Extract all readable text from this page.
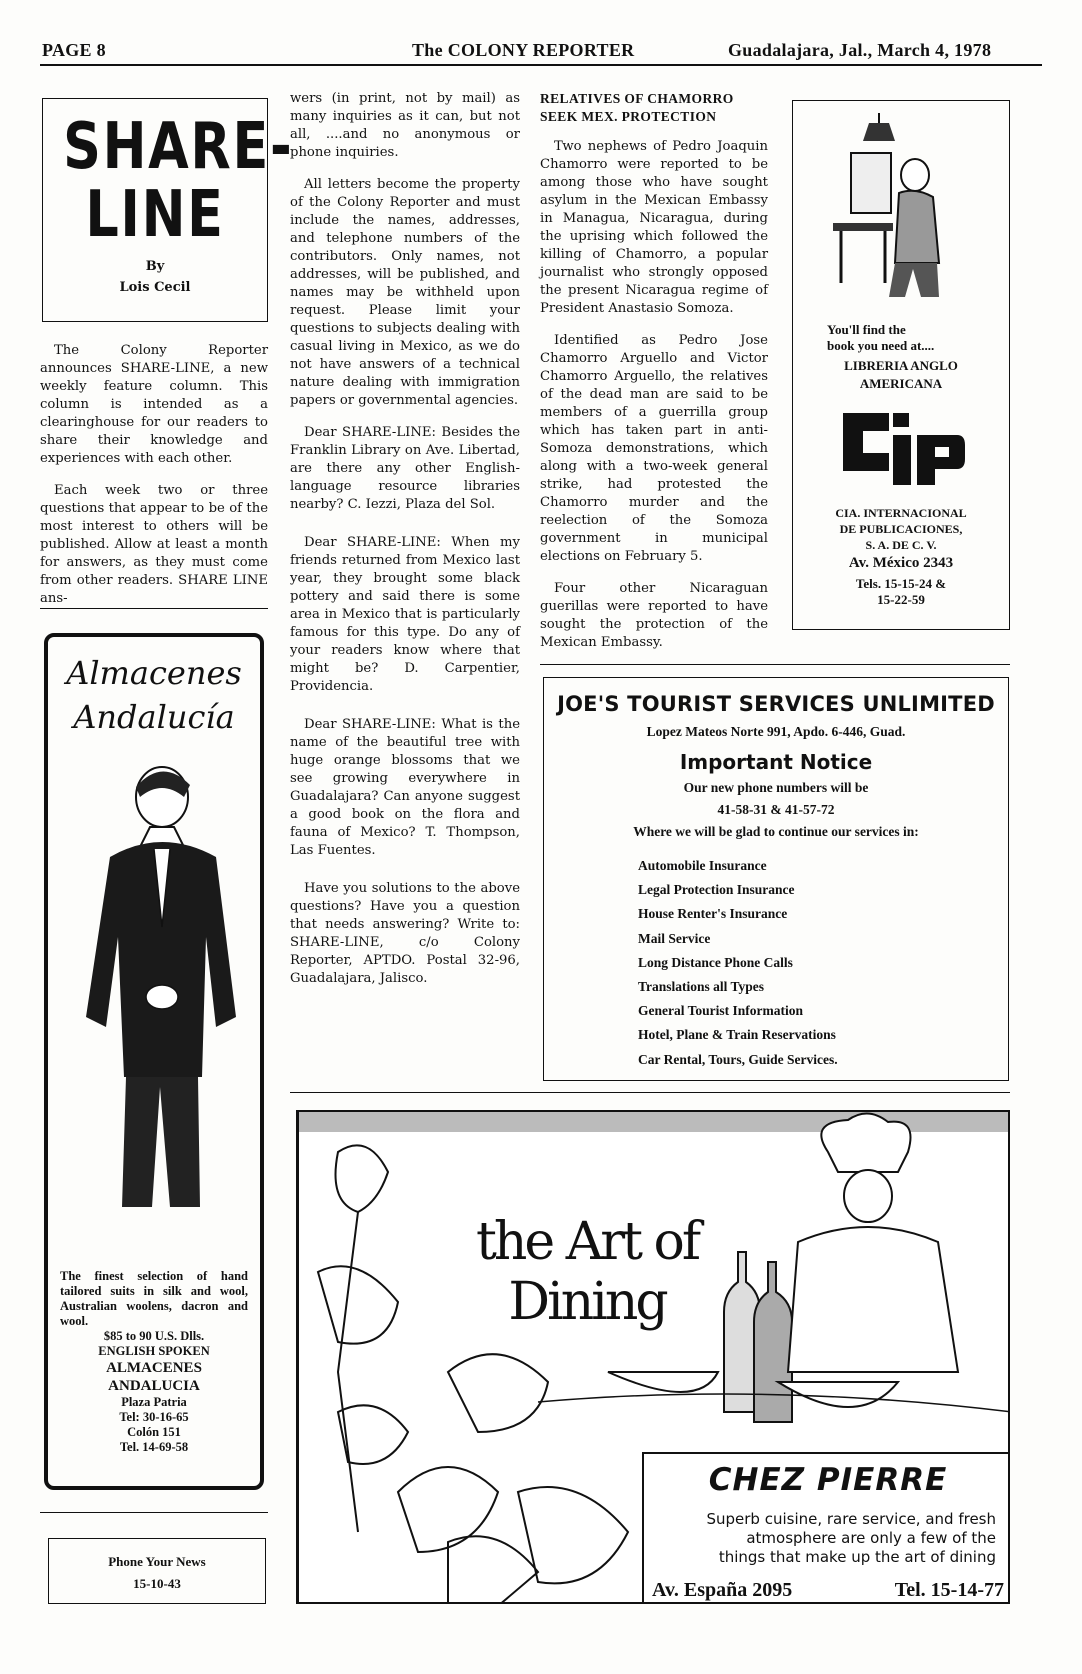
PAGE 8	The COLONY REPORTER	Guadalajara, Jal., March 4, 1978
SHARE-
LINE
By
Lois Cecil

The Colony Reporter announces SHARE-LINE, a new weekly feature column. This column is intended as a clearinghouse for our readers to share their knowledge and experiences with each other.

Each week two or three questions that appear to be of the most interest to others will be published. Allow at least a month for answers, as they must come from other readers. SHARE LINE ans-

Almacenes
Andalucía
The finest selection of hand tailored suits in silk and wool, Australian woolens, dacron and wool.
$85 to 90 U.S. Dlls.
ENGLISH SPOKEN
ALMACENES
ANDALUCIA
Plaza Patria
Tel: 30-16-65
Colón 151
Tel. 14-69-58
Phone Your News
15-10-43

wers (in print, not by mail) as many inquiries as it can, but not all, ....and no anonymous or phone inquiries.

All letters become the property of the Colony Reporter and must include the names, addresses, and telephone numbers of the contributors. Only names, not addresses, will be published, and names may be withheld upon request. Please limit your questions to subjects dealing with casual living in Mexico, as we do not have answers of a technical nature dealing with immigration papers or governmental agencies.

Dear SHARE-LINE: Besides the Franklin Library on Ave. Libertad, are there any other English-language resource libraries nearby? C. Iezzi, Plaza del Sol.

Dear SHARE-LINE: When my friends returned from Mexico last year, they brought some black pottery and said there is some area in Mexico that is particularly famous for this type. Do any of your readers know where that might be? D. Carpentier, Providencia.

Dear SHARE-LINE: What is the name of the beautiful tree with huge orange blossoms that we see growing everywhere in Guadalajara? Can anyone suggest a good book on the flora and fauna of Mexico? T. Thompson, Las Fuentes.

Have you solutions to the above questions? Have you a question that needs answering? Write to: SHARE-LINE, c/o Colony Reporter, APTDO. Postal 32-96, Guadalajara, Jalisco.

RELATIVES OF CHAMORRO
SEEK MEX. PROTECTION

Two nephews of Pedro Joaquin Chamorro were reported to be among those who have sought asylum in the Mexican Embassy in Managua, Nicaragua, during the uprising which followed the killing of Chamorro, a popular journalist who strongly opposed the present Nicaragua regime of President Anastasio Somoza.

Identified as Pedro Jose Chamorro Arguello and Victor Chamorro Arguello, the relatives of the dead man are said to be members of a guerrilla group which has taken part in anti-Somoza demonstrations, which along with a two-week general strike, had protested the Chamorro murder and the reelection of the Somoza government in municipal elections on February 5.

Four other Nicaraguan guerillas were reported to have sought the protection of the Mexican Embassy.

You'll find the
book you need at....
LIBRERIA ANGLO
AMERICANA
CIP
CIA. INTERNACIONAL
DE PUBLICACIONES,
S. A. DE C. V.
Av. México 2343
Tels. 15-15-24 &
15-22-59
JOE'S TOURIST SERVICES UNLIMITED
Lopez Mateos Norte 991, Apdo. 6-446, Guad.
Important Notice
Our new phone numbers will be
41-58-31 & 41-57-72
Where we will be glad to continue our services in:
Automobile Insurance
Legal Protection Insurance
House Renter's Insurance
Mail Service
Long Distance Phone Calls
Translations all Types
General Tourist Information
Hotel, Plane & Train Reservations
Car Rental, Tours, Guide Services.
the Art of
Dining
CHEZ PIERRE
Superb cuisine, rare service, and fresh
atmosphere are only a few of the
things that make up the art of dining
Av. España 2095	Tel. 15-14-77
